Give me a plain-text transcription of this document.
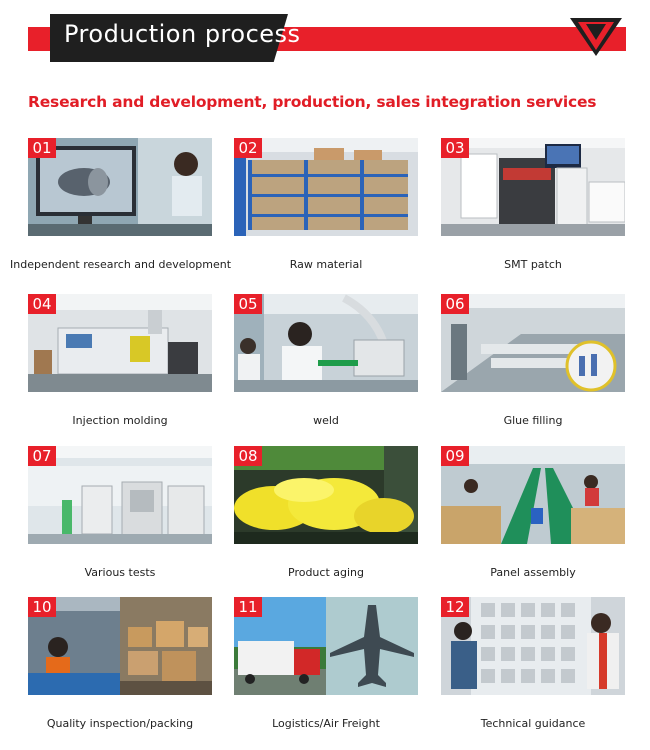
Production process
Research and development, production, sales integration services
01
Independent research and development
02
Raw material
03
SMT patch
04
Injection molding
05
weld
06
Glue filling
07
Various tests
08
Product aging
09
Panel assembly
10
Quality inspection/packing
11
Logistics/Air Freight
12
Technical guidance
